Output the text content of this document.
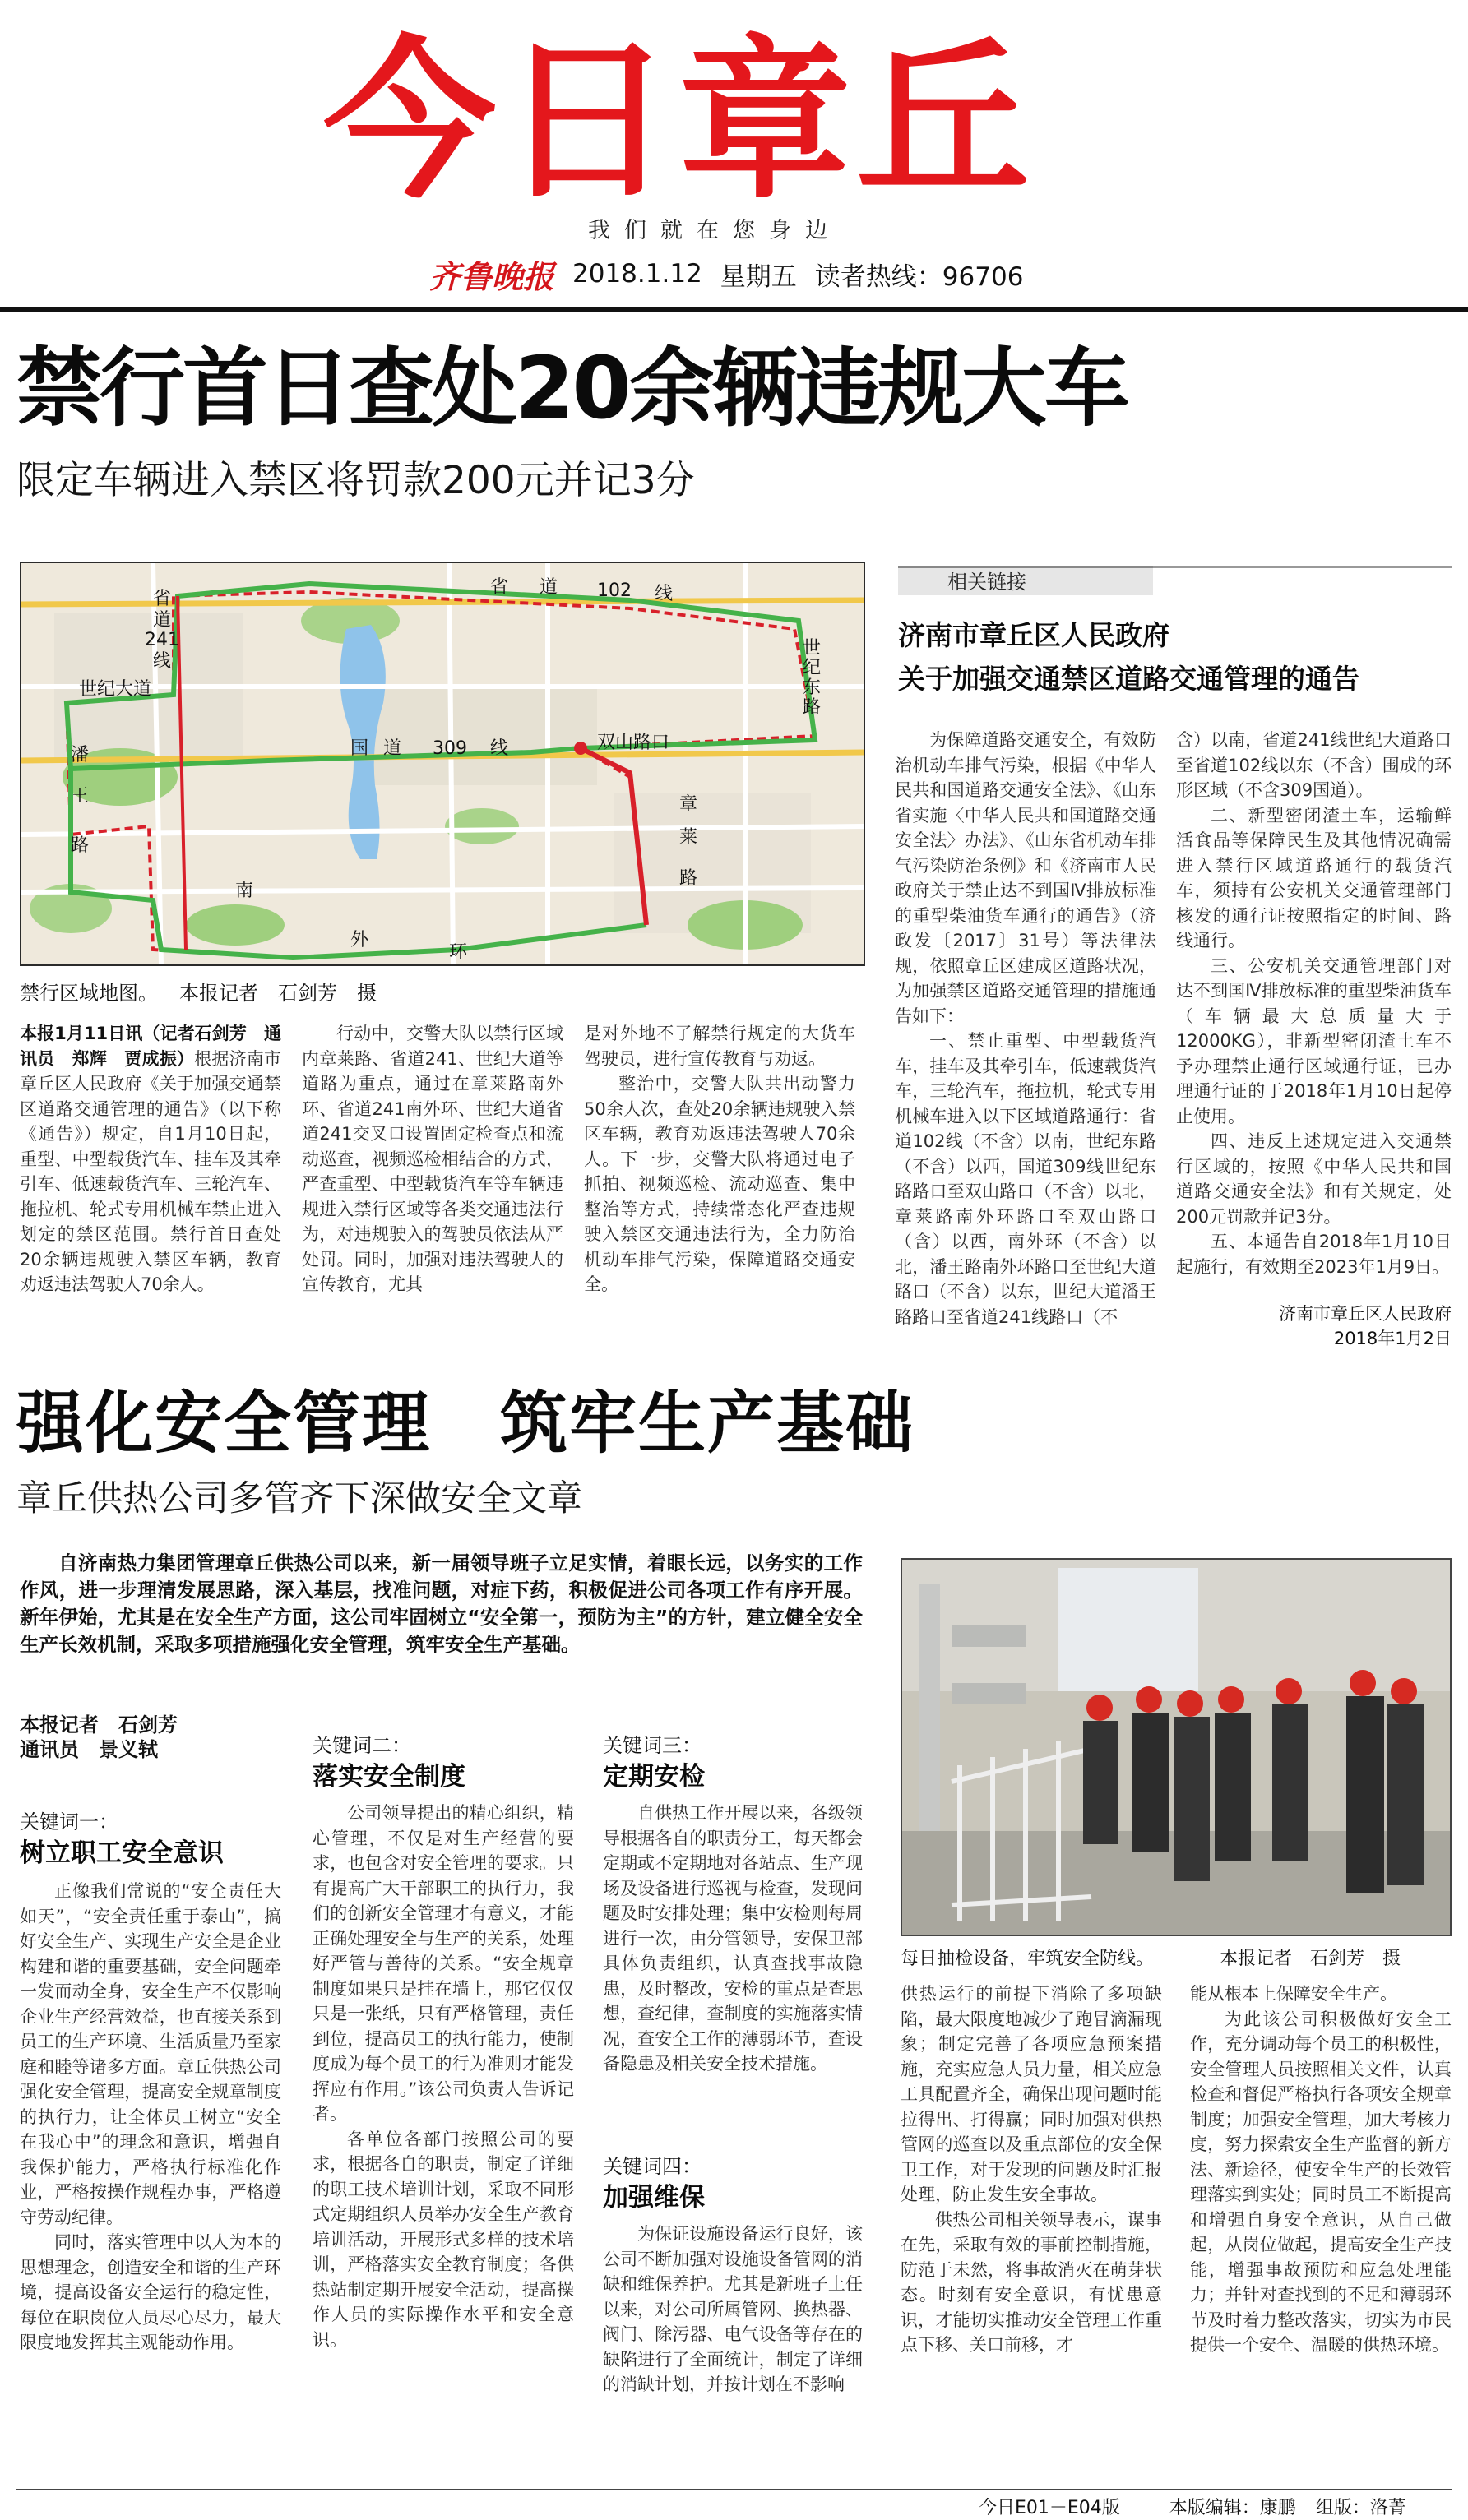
今日章丘
我们就在您身边
齐鲁晚报 2018.1.12 星期五 读者热线：96706
禁行首日查处20余辆违规大车
限定车辆进入禁区将罚款200元并记3分
省 道 102 线
省
道
241
线
世纪大道
世
纪
东
路
国 道 309 线	双山路口
潘
王
路
章
莱
路
南
外
环
禁行区域地图。 本报记者　石剑芳　摄

本报1月11日讯（记者石剑芳　通讯员　郑辉　贾成振）根据济南市章丘区人民政府《关于加强交通禁区道路交通管理的通告》（以下称《通告》）规定，自1月10日起，重型、中型载货汽车、挂车及其牵引车、低速载货汽车、三轮汽车、拖拉机、轮式专用机械车禁止进入划定的禁区范围。禁行首日查处20余辆违规驶入禁区车辆，教育劝返违法驾驶人70余人。

行动中，交警大队以禁行区域内章莱路、省道241、世纪大道等道路为重点，通过在章莱路南外环、省道241南外环、世纪大道省道241交叉口设置固定检查点和流动巡查，视频巡检相结合的方式，严查重型、中型载货汽车等车辆违规进入禁行区域等各类交通违法行为，对违规驶入的驾驶员依法从严处罚。同时，加强对违法驾驶人的宣传教育，尤其

是对外地不了解禁行规定的大货车驾驶员，进行宣传教育与劝返。

整治中，交警大队共出动警力50余人次，查处20余辆违规驶入禁区车辆，教育劝返违法驾驶人70余人。下一步，交警大队将通过电子抓拍、视频巡检、流动巡查、集中整治等方式，持续常态化严查违规驶入禁区交通违法行为，全力防治机动车排气污染，保障道路交通安全。

相关链接
济南市章丘区人民政府
关于加强交通禁区道路交通管理的通告

为保障道路交通安全，有效防治机动车排气污染，根据《中华人民共和国道路交通安全法》、《山东省实施〈中华人民共和国道路交通安全法〉办法》、《山东省机动车排气污染防治条例》和《济南市人民政府关于禁止达不到国Ⅳ排放标准的重型柴油货车通行的通告》（济政发〔2017〕31号）等法律法规，依照章丘区建成区道路状况，为加强禁区道路交通管理的措施通告如下：

一、禁止重型、中型载货汽车，挂车及其牵引车，低速载货汽车，三轮汽车，拖拉机，轮式专用机械车进入以下区域道路通行：省道102线（不含）以南，世纪东路（不含）以西，国道309线世纪东路路口至双山路口（不含）以北，章莱路南外环路口至双山路口（含）以西，南外环（不含）以北，潘王路南外环路口至世纪大道路口（不含）以东，世纪大道潘王路路口至省道241线路口（不

含）以南，省道241线世纪大道路口至省道102线以东（不含）围成的环形区域（不含309国道）。

二、新型密闭渣土车，运输鲜活食品等保障民生及其他情况确需进入禁行区域道路通行的载货汽车，须持有公安机关交通管理部门核发的通行证按照指定的时间、路线通行。

三、公安机关交通管理部门对达不到国Ⅳ排放标准的重型柴油货车（车辆最大总质量大于12000KG），非新型密闭渣土车不予办理禁止通行区域通行证，已办理通行证的于2018年1月10日起停止使用。

四、违反上述规定进入交通禁行区域的，按照《中华人民共和国道路交通安全法》和有关规定，处200元罚款并记3分。

五、本通告自2018年1月10日起施行，有效期至2023年1月9日。

济南市章丘区人民政府
2018年1月2日
强化安全管理　筑牢生产基础
章丘供热公司多管齐下深做安全文章

自济南热力集团管理章丘供热公司以来，新一届领导班子立足实情，着眼长远，以务实的工作作风，进一步理清发展思路，深入基层，找准问题，对症下药，积极促进公司各项工作有序开展。新年伊始，尤其是在安全生产方面，这公司牢固树立“安全第一，预防为主”的方针，建立健全安全生产长效机制，采取多项措施强化安全管理，筑牢安全生产基础。

本报记者　石剑芳
通讯员　景义轼
关键词一：
树立职工安全意识

正像我们常说的“安全责任大如天”，“安全责任重于泰山”，搞好安全生产、实现生产安全是企业构建和谐的重要基础，安全问题牵一发而动全身，安全生产不仅影响企业生产经营效益，也直接关系到员工的生产环境、生活质量乃至家庭和睦等诸多方面。章丘供热公司强化安全管理，提高安全规章制度的执行力，让全体员工树立“安全在我心中”的理念和意识，增强自我保护能力，严格执行标准化作业，严格按操作规程办事，严格遵守劳动纪律。

同时，落实管理中以人为本的思想理念，创造安全和谐的生产环境，提高设备安全运行的稳定性，每位在职岗位人员尽心尽力，最大限度地发挥其主观能动作用。

关键词二：
落实安全制度

公司领导提出的精心组织，精心管理，不仅是对生产经营的要求，也包含对安全管理的要求。只有提高广大干部职工的执行力，我们的创新安全管理才有意义，才能正确处理安全与生产的关系，处理好严管与善待的关系。“安全规章制度如果只是挂在墙上，那它仅仅只是一张纸，只有严格管理，责任到位，提高员工的执行能力，使制度成为每个员工的行为准则才能发挥应有作用。”该公司负责人告诉记者。

各单位各部门按照公司的要求，根据各自的职责，制定了详细的职工技术培训计划，采取不同形式定期组织人员举办安全生产教育培训活动，开展形式多样的技术培训，严格落实安全教育制度；各供热站制定期开展安全活动，提高操作人员的实际操作水平和安全意识。

关键词三：
定期安检

自供热工作开展以来，各级领导根据各自的职责分工，每天都会定期或不定期地对各站点、生产现场及设备进行巡视与检查，发现问题及时安排处理；集中安检则每周进行一次，由分管领导，安保卫部具体负责组织，认真查找事故隐患，及时整改，安检的重点是查思想，查纪律，查制度的实施落实情况，查安全工作的薄弱环节，查设备隐患及相关安全技术措施。

关键词四：
加强维保

为保证设施设备运行良好，该公司不断加强对设施设备管网的消缺和维保养护。尤其是新班子上任以来，对公司所属管网、换热器、阀门、除污器、电气设备等存在的缺陷进行了全面统计，制定了详细的消缺计划，并按计划在不影响

每日抽检设备，牢筑安全防线。	本报记者　石剑芳　摄

供热运行的前提下消除了多项缺陷，最大限度地减少了跑冒滴漏现象；制定完善了各项应急预案措施，充实应急人员力量，相关应急工具配置齐全，确保出现问题时能拉得出、打得赢；同时加强对供热管网的巡查以及重点部位的安全保卫工作，对于发现的问题及时汇报处理，防止发生安全事故。

供热公司相关领导表示，谋事在先，采取有效的事前控制措施，防范于未然，将事故消灭在萌芽状态。时刻有安全意识，有忧患意识，才能切实推动安全管理工作重点下移、关口前移，才

能从根本上保障安全生产。

为此该公司积极做好安全工作，充分调动每个员工的积极性，安全管理人员按照相关文件，认真检查和督促严格执行各项安全规章制度；加强安全管理，加大考核力度，努力探索安全生产监督的新方法、新途径，使安全生产的长效管理落实到实处；同时员工不断提高和增强自身安全意识，从自己做起，从岗位做起，提高安全生产技能，增强事故预防和应急处理能力；并针对查找到的不足和薄弱环节及时着力整改落实，切实为市民提供一个安全、温暖的供热环境。

今日E01－E04版	本版编辑：康鹏 组版：洛菁
